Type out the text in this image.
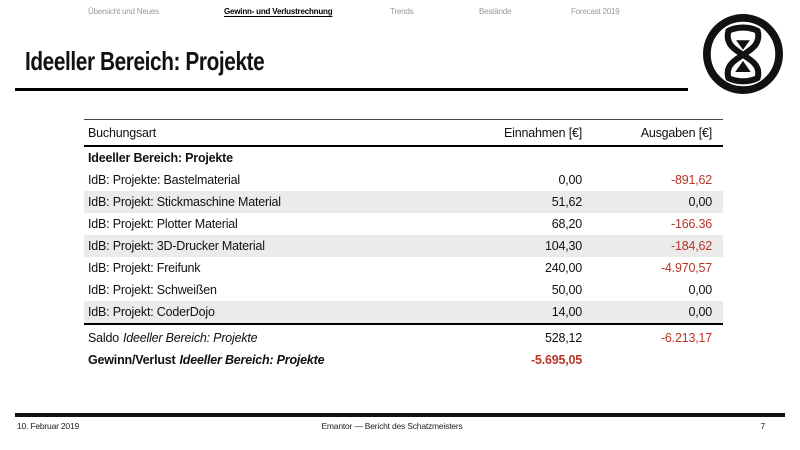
Übersicht und Neues	Gewinn- und Verlustrechnung	Trends	Bestände	Forecast 2019
Ideeller Bereich: Projekte
Buchungsart	Einnahmen [€]	Ausgaben [€]
Ideeller Bereich: Projekte
IdB: Projekte: Bastelmaterial	0,00	-891,62
IdB: Projekt: Stickmaschine Material	51,62	0,00
IdB: Projekt: Plotter Material	68,20	-166.36
IdB: Projekt: 3D-Drucker Material	104,30	-184,62
IdB: Projekt: Freifunk	240,00	-4.970,57
IdB: Projekt: Schweißen	50,00	0,00
IdB: Projekt: CoderDojo	14,00	0,00
Saldo Ideeller Bereich: Projekte	528,12	-6.213,17
Gewinn/Verlust Ideeller Bereich: Projekte	-5.695,05
10. Februar 2019	Emantor — Bericht des Schatzmeisters	7
